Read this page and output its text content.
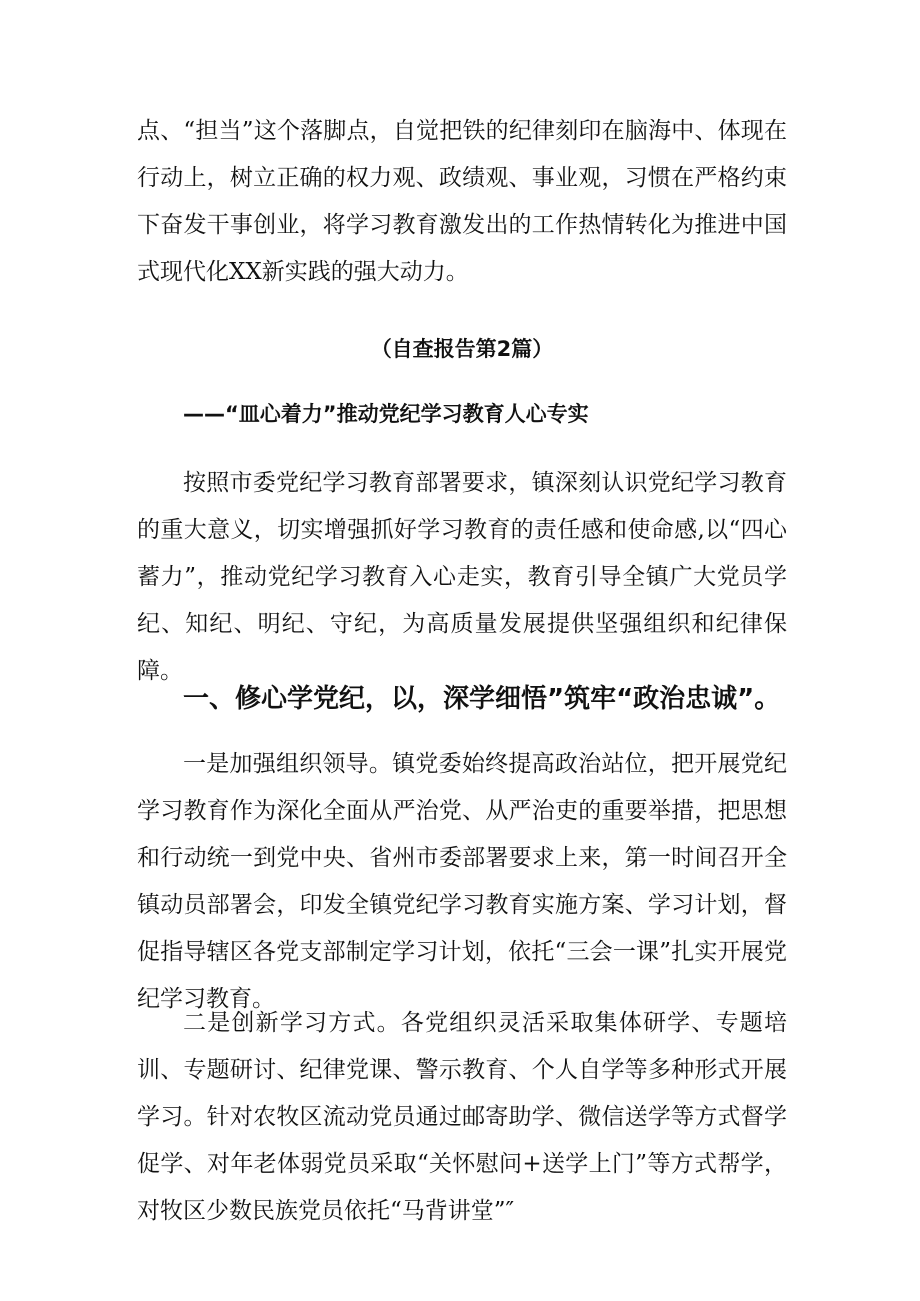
点、“担当”这个落脚点，自觉把铁的纪律刻印在脑海中、体现在行动上，树立正确的权力观、政绩观、事业观，习惯在严格约束下奋发干事创业，将学习教育激发出的工作热情转化为推进中国式现代化XX新实践的强大动力。

（自查报告第2篇）

——“皿心着力”推动党纪学习教育人心专实

按照市委党纪学习教育部署要求，镇深刻认识党纪学习教育的重大意义，切实增强抓好学习教育的责任感和使命感,以“四心蓄力”，推动党纪学习教育入心走实，教育引导全镇广大党员学纪、知纪、明纪、守纪，为高质量发展提供坚强组织和纪律保障。

一、修心学党纪，以，深学细悟”筑牢“政治忠诚”。

一是加强组织领导。镇党委始终提高政治站位，把开展党纪学习教育作为深化全面从严治党、从严治吏的重要举措，把思想和行动统一到党中央、省州市委部署要求上来，第一时间召开全镇动员部署会，印发全镇党纪学习教育实施方案、学习计划，督促指导辖区各党支部制定学习计划，依托“三会一课”扎实开展党纪学习教育。

二是创新学习方式。各党组织灵活采取集体研学、专题培训、专题研讨、纪律党课、警示教育、个人自学等多种形式开展学习。针对农牧区流动党员通过邮寄助学、微信送学等方式督学促学、对年老体弱党员采取“关怀慰问+送学上门”等方式帮学，对牧区少数民族党员依托“马背讲堂”″
